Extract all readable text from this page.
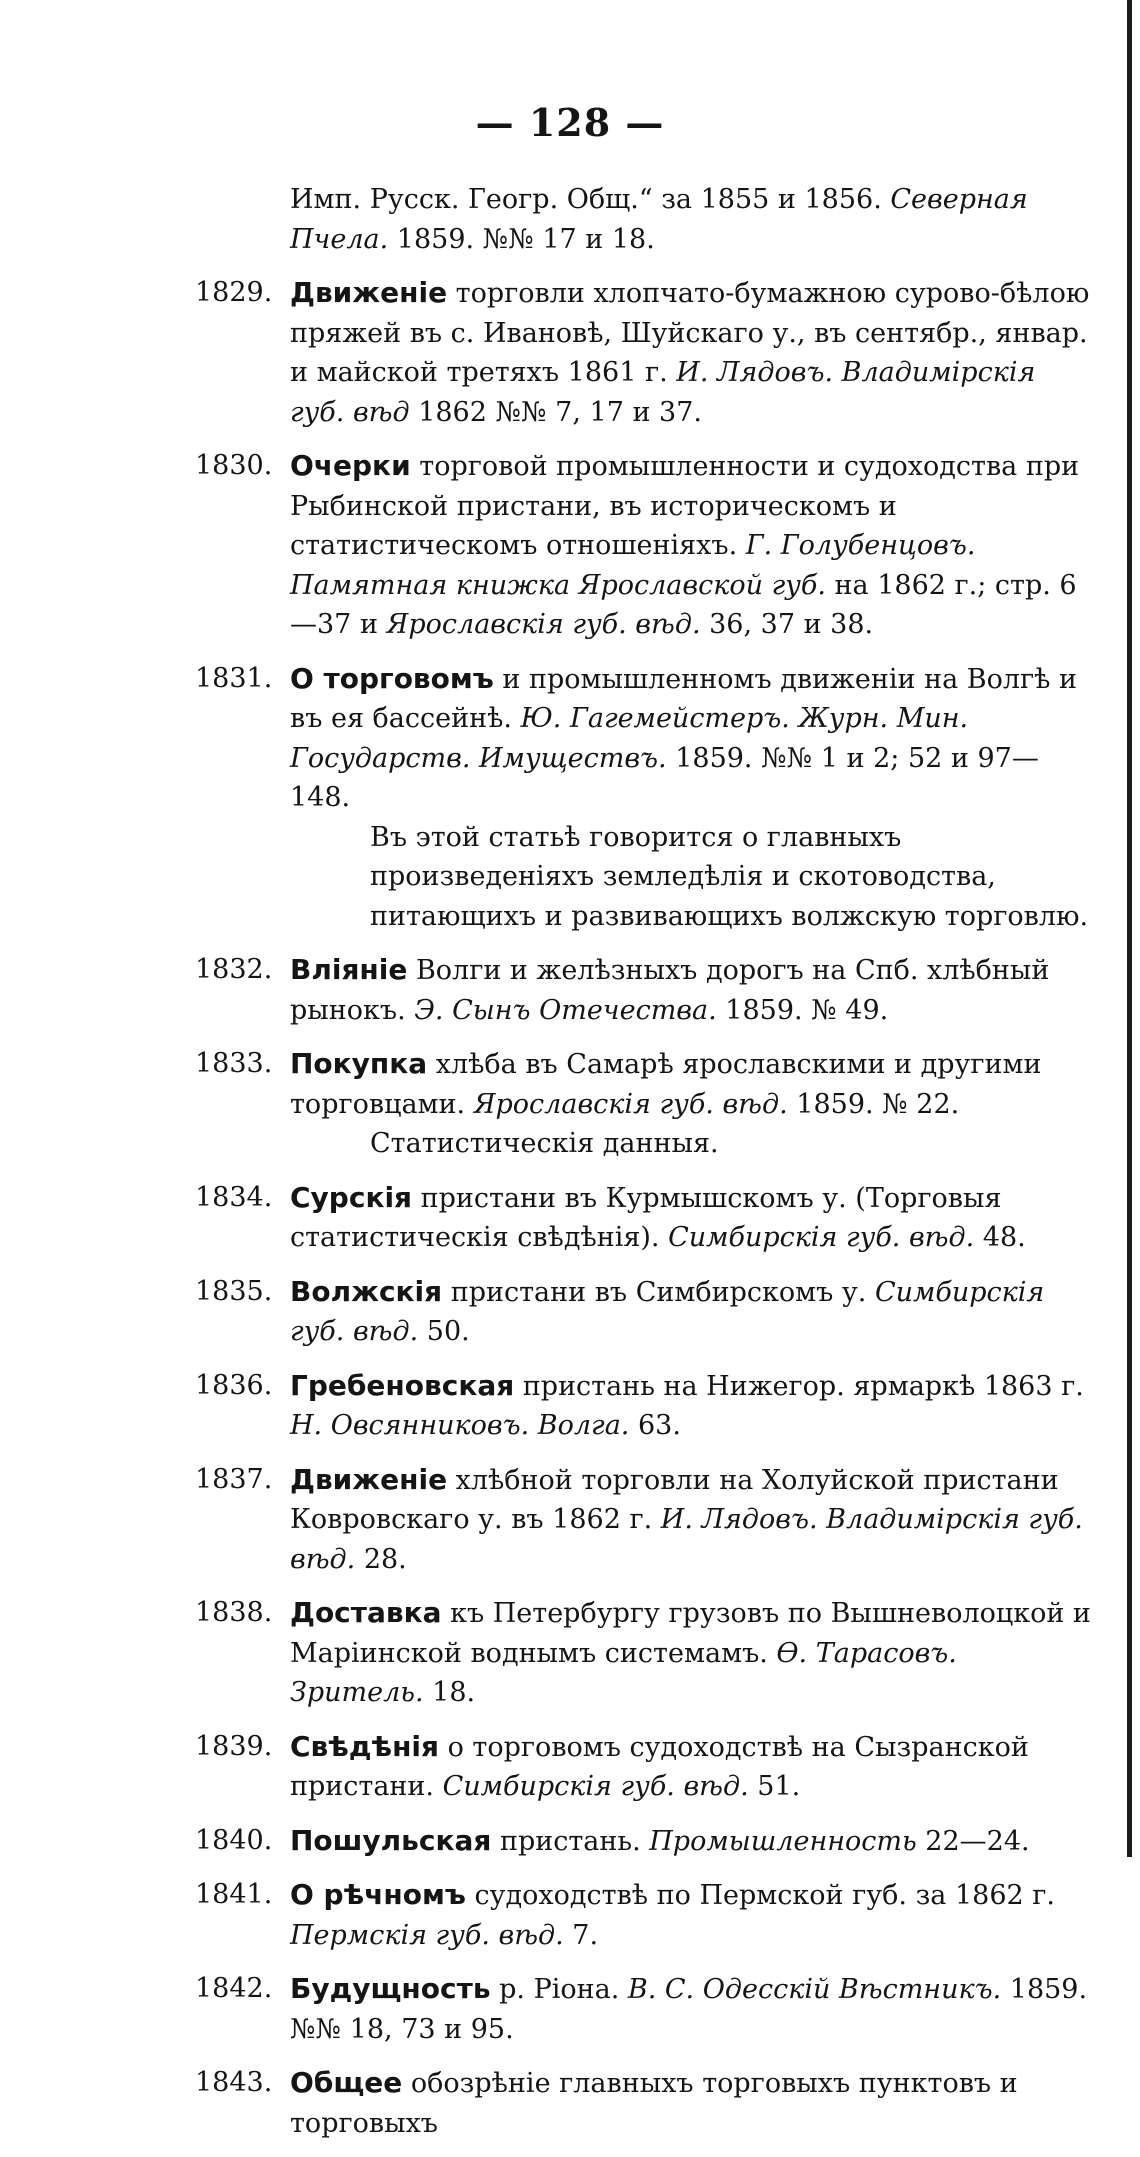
— 128 —
Имп. Русск. Геогр. Общ.“ за 1855 и 1856. Северная Пчела. 1859. №№ 17 и 18.
1829. Движеніе торговли хлопчато-бумажною сурово-бѣлою пряжей въ с. Ивановѣ, Шуйскаго у., въ сентябр., январ. и майской третяхъ 1861 г. И. Лядовъ. Владимірскія губ. вѣд 1862 №№ 7, 17 и 37.
1830. Очерки торговой промышленности и судоходства при Рыбинской пристани, въ историческомъ и статистическомъ отношеніяхъ. Г. Голубенцовъ. Памятная книжка Ярославской губ. на 1862 г.; стр. 6—37 и Ярославскія губ. вѣд. 36, 37 и 38.
1831. О торговомъ и промышленномъ движеніи на Волгѣ и въ ея бассейнѣ. Ю. Гагемейстеръ. Журн. Мин. Государств. Имуществъ. 1859. №№ 1 и 2; 52 и 97—148.
Въ этой статьѣ говорится о главныхъ произведеніяхъ земледѣлія и скотоводства, питающихъ и развивающихъ волжскую торговлю.
1832. Вліяніе Волги и желѣзныхъ дорогъ на Спб. хлѣбный рынокъ. Э. Сынъ Отечества. 1859. № 49.
1833. Покупка хлѣба въ Самарѣ ярославскими и другими торговцами. Ярославскія губ. вѣд. 1859. № 22.
Статистическія данныя.
1834. Сурскія пристани въ Курмышскомъ у. (Торговыя статистическія свѣдѣнія). Симбирскія губ. вѣд. 48.
1835. Волжскія пристани въ Симбирскомъ у. Симбирскія губ. вѣд. 50.
1836. Гребеновская пристань на Нижегор. ярмаркѣ 1863 г. Н. Овсянниковъ. Волга. 63.
1837. Движеніе хлѣбной торговли на Холуйской пристани Ковровскаго у. въ 1862 г. И. Лядовъ. Владимірскія губ. вѣд. 28.
1838. Доставка къ Петербургу грузовъ по Вышневолоцкой и Маріинской воднымъ системамъ. Ѳ. Тарасовъ. Зритель. 18.
1839. Свѣдѣнія о торговомъ судоходствѣ на Сызранской пристани. Симбирскія губ. вѣд. 51.
1840. Пошульская пристань. Промышленность 22—24.
1841. О рѣчномъ судоходствѣ по Пермской губ. за 1862 г. Пермскія губ. вѣд. 7.
1842. Будущность р. Ріона. В. С. Одесскій Вѣстникъ. 1859. №№ 18, 73 и 95.
1843. Общее обозрѣніе главныхъ торговыхъ пунктовъ и торговыхъ
